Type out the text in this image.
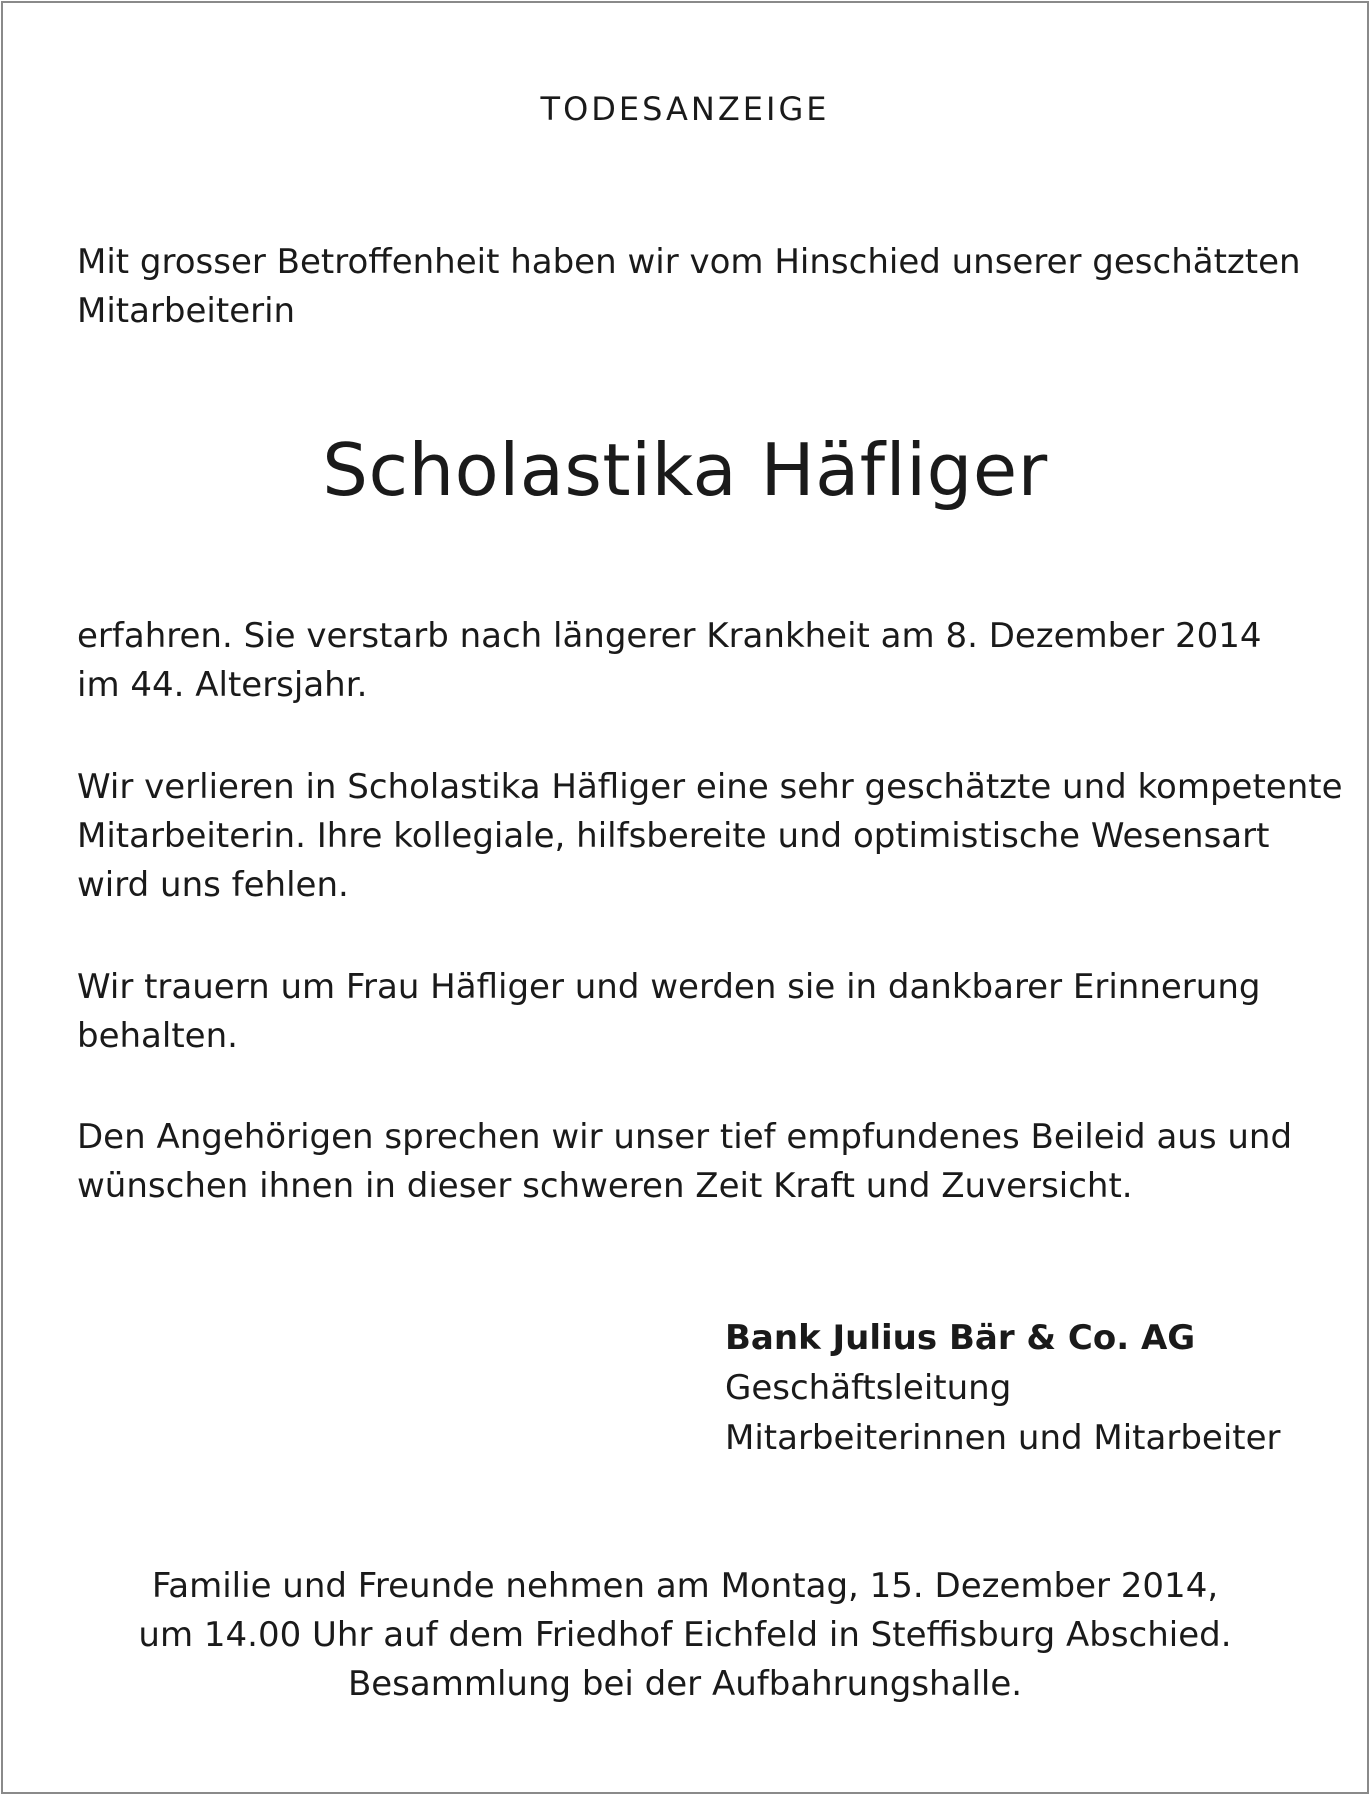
TODESANZEIGE

Mit grosser Betroffenheit haben wir vom Hinschied unserer geschätzten
Mitarbeiterin

Scholastika Häfliger

erfahren. Sie verstarb nach längerer Krankheit am 8. Dezember 2014
im 44. Altersjahr.

Wir verlieren in Scholastika Häfliger eine sehr geschätzte und kompetente
Mitarbeiterin. Ihre kollegiale, hilfsbereite und optimistische Wesensart
wird uns fehlen.

Wir trauern um Frau Häfliger und werden sie in dankbarer Erinnerung
behalten.

Den Angehörigen sprechen wir unser tief empfundenes Beileid aus und
wünschen ihnen in dieser schweren Zeit Kraft und Zuversicht.

Bank Julius Bär & Co. AG
Geschäftsleitung
Mitarbeiterinnen und Mitarbeiter
Familie und Freunde nehmen am Montag, 15. Dezember 2014,
um 14.00 Uhr auf dem Friedhof Eichfeld in Steffisburg Abschied.
Besammlung bei der Aufbahrungshalle.
